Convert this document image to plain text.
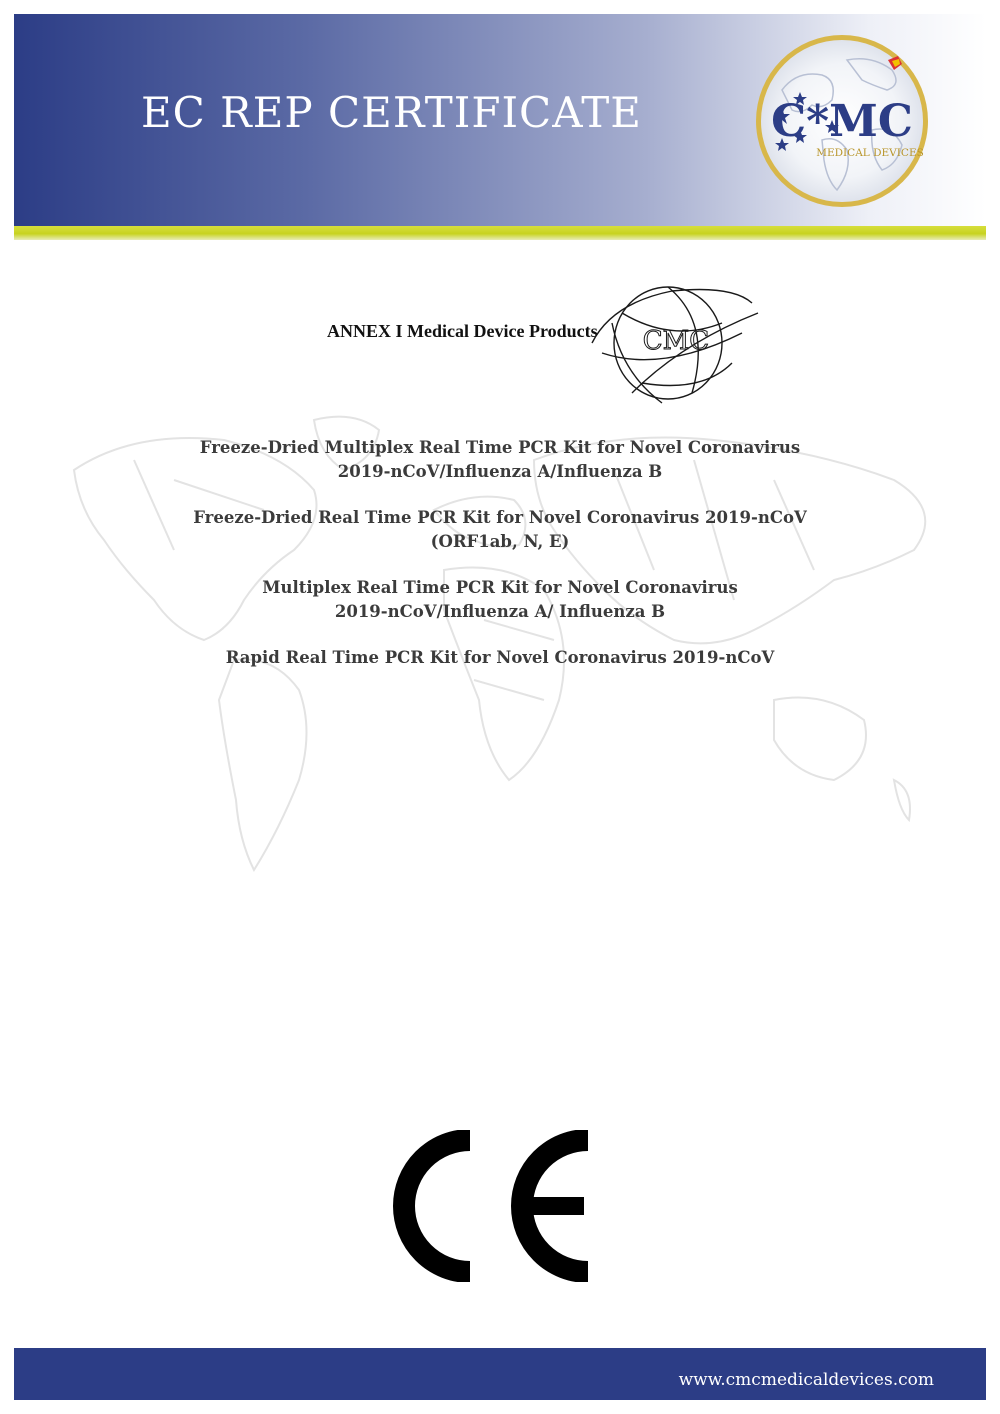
EC REP CERTIFICATE	C*MC
MEDICAL DEVICES
ANNEX I Medical Device Products CMC
Freeze-Dried Multiplex Real Time PCR Kit for Novel Coronavirus
2019-nCoV/Influenza A/Influenza B
Freeze-Dried Real Time PCR Kit for Novel Coronavirus 2019-nCoV
(ORF1ab, N, E)
Multiplex Real Time PCR Kit for Novel Coronavirus
2019-nCoV/Influenza A/ Influenza B
Rapid Real Time PCR Kit for Novel Coronavirus 2019-nCoV
www.cmcmedicaldevices.com
